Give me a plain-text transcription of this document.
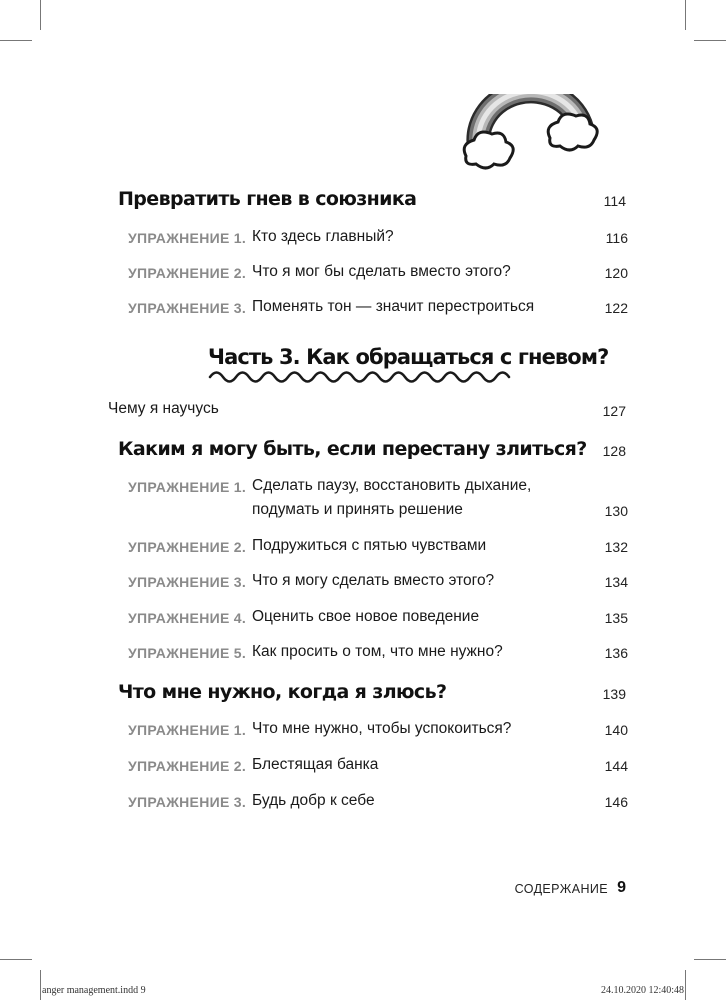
Превратить гнев в союзника	114
УПРАЖНЕНИЕ 1. Кто здесь главный?	116
УПРАЖНЕНИЕ 2. Что я мог бы сделать вместо этого?	120
УПРАЖНЕНИЕ 3. Поменять тон — значит перестроиться	122
Часть 3. Как обращаться с гневом?
Чему я научусь	127
Каким я могу быть, если перестану злиться? 128
УПРАЖНЕНИЕ 1. Сделать паузу, восстановить дыхание,
подумать и принять решение	130
УПРАЖНЕНИЕ 2. Подружиться с пятью чувствами	132
УПРАЖНЕНИЕ 3. Что я могу сделать вместо этого?	134
УПРАЖНЕНИЕ 4. Оценить свое новое поведение	135
УПРАЖНЕНИЕ 5. Как просить о том, что мне нужно?	136
Что мне нужно, когда я злюсь?	139
УПРАЖНЕНИЕ 1. Что мне нужно, чтобы успокоиться?	140
УПРАЖНЕНИЕ 2. Блестящая банка	144
УПРАЖНЕНИЕ 3. Будь добр к себе	146
СОДЕРЖАНИЕ 9
anger management.indd 9	24.10.2020 12:40:48
